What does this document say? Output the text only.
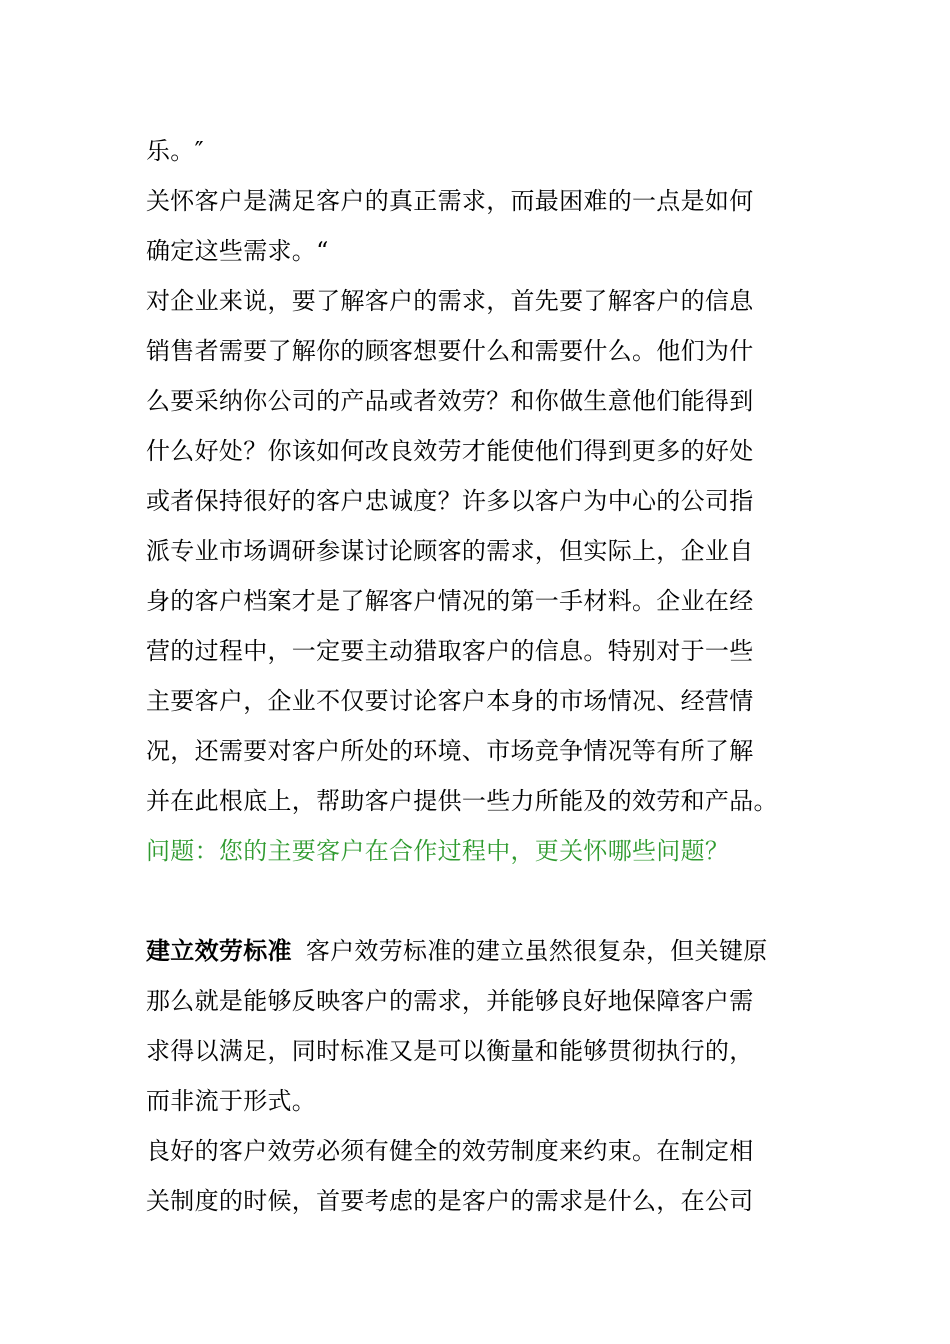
乐。″
关怀客户是满足客户的真正需求，而最困难的一点是如何
确定这些需求。“
对企业来说，要了解客户的需求，首先要了解客户的信息
销售者需要了解你的顾客想要什么和需要什么。他们为什
么要采纳你公司的产品或者效劳？和你做生意他们能得到
什么好处？你该如何改良效劳才能使他们得到更多的好处
或者保持很好的客户忠诚度？许多以客户为中心的公司指
派专业市场调研参谋讨论顾客的需求，但实际上，企业自
身的客户档案才是了解客户情况的第一手材料。企业在经
营的过程中，一定要主动猎取客户的信息。特别对于一些
主要客户，企业不仅要讨论客户本身的市场情况、经营情
况，还需要对客户所处的环境、市场竞争情况等有所了解
并在此根底上，帮助客户提供一些力所能及的效劳和产品。
问题：您的主要客户在合作过程中，更关怀哪些问题？
建立效劳标准 客户效劳标准的建立虽然很复杂，但关键原
那么就是能够反映客户的需求，并能够良好地保障客户需
求得以满足，同时标准又是可以衡量和能够贯彻执行的，
而非流于形式。
良好的客户效劳必须有健全的效劳制度来约束。在制定相
关制度的时候，首要考虑的是客户的需求是什么，在公司
